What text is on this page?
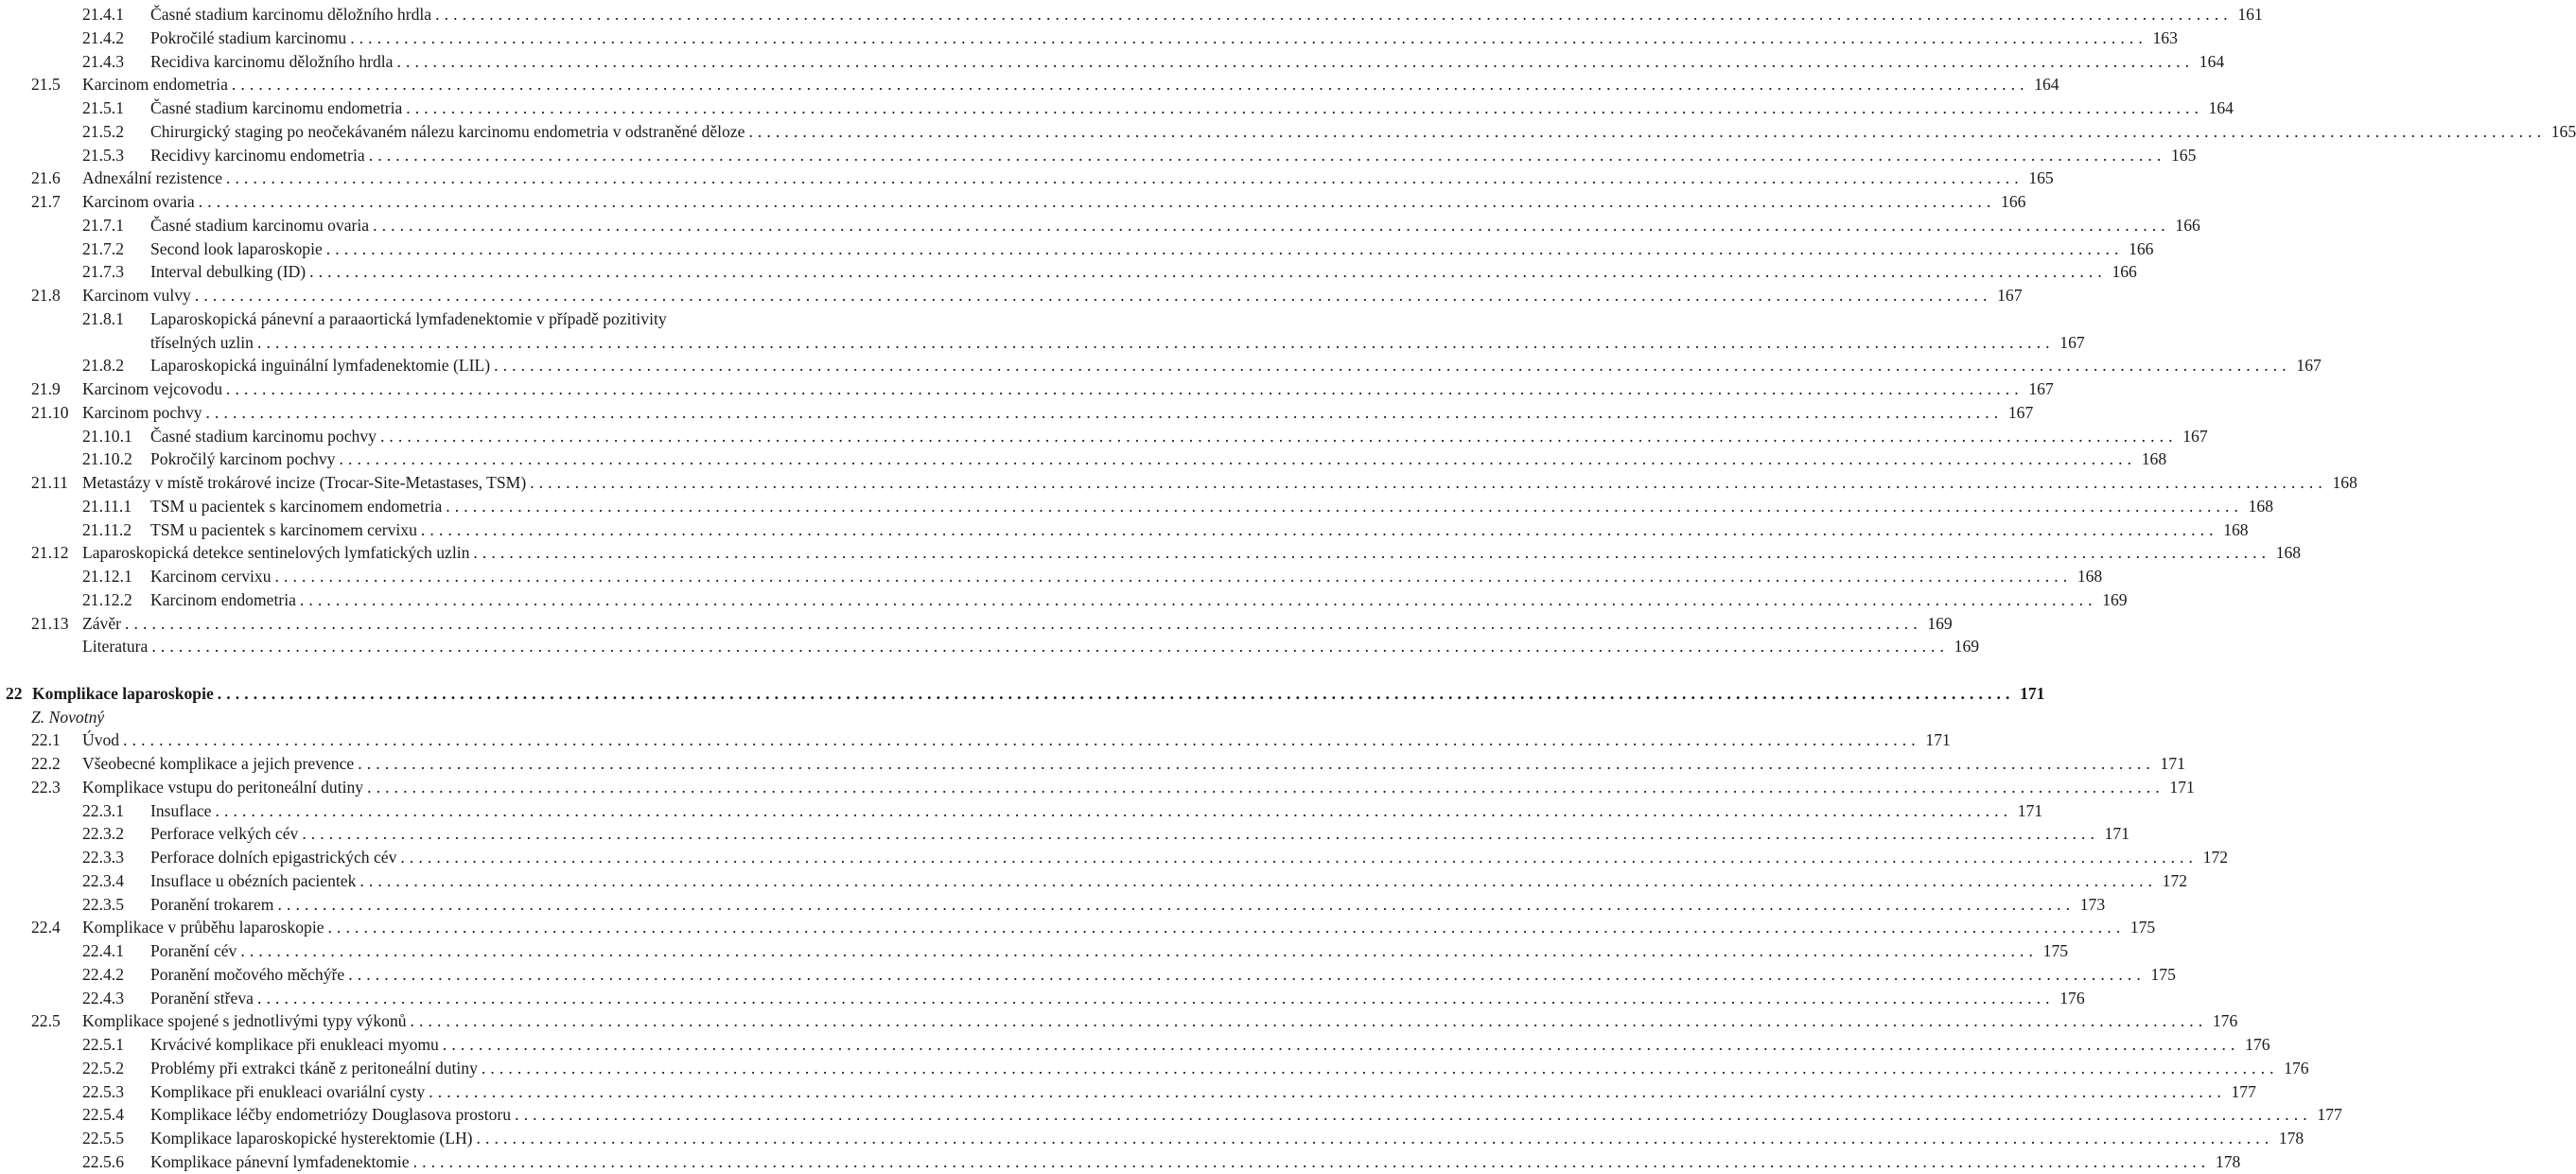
21.4.1	Časné stadium karcinomu děložního hrdla ........................................................................................................................................................................................................ 161
21.4.2	Pokročilé stadium karcinomu ........................................................................................................................................................................................................ 163
21.4.3	Recidiva karcinomu děložního hrdla ........................................................................................................................................................................................................ 164
21.5	Karcinom endometria ........................................................................................................................................................................................................ 164
21.5.1	Časné stadium karcinomu endometria ........................................................................................................................................................................................................ 164
21.5.2	Chirurgický staging po neočekávaném nálezu karcinomu endometria v odstraněné děloze ........................................................................................................................................................................................................ 165
21.5.3	Recidivy karcinomu endometria ........................................................................................................................................................................................................ 165
21.6	Adnexální rezistence ........................................................................................................................................................................................................ 165
21.7	Karcinom ovaria ........................................................................................................................................................................................................ 166
21.7.1	Časné stadium karcinomu ovaria ........................................................................................................................................................................................................ 166
21.7.2	Second look laparoskopie ........................................................................................................................................................................................................ 166
21.7.3	Interval debulking (ID) ........................................................................................................................................................................................................ 166
21.8	Karcinom vulvy ........................................................................................................................................................................................................ 167
21.8.1	Laparoskopická pánevní a paraaortická lymfadenektomie v případě pozitivity
tříselných uzlin ........................................................................................................................................................................................................ 167
21.8.2	Laparoskopická inguinální lymfadenektomie (LIL) ........................................................................................................................................................................................................ 167
21.9	Karcinom vejcovodu ........................................................................................................................................................................................................ 167
21.10 Karcinom pochvy ........................................................................................................................................................................................................ 167
21.10.1	Časné stadium karcinomu pochvy ........................................................................................................................................................................................................ 167
21.10.2	Pokročilý karcinom pochvy ........................................................................................................................................................................................................ 168
21.11 Metastázy v místě trokárové incize (Trocar-Site-Metastases, TSM) ........................................................................................................................................................................................................ 168
21.11.1	TSM u pacientek s karcinomem endometria ........................................................................................................................................................................................................ 168
21.11.2	TSM u pacientek s karcinomem cervixu ........................................................................................................................................................................................................ 168
21.12 Laparoskopická detekce sentinelových lymfatických uzlin ........................................................................................................................................................................................................ 168
21.12.1	Karcinom cervixu ........................................................................................................................................................................................................ 168
21.12.2	Karcinom endometria ........................................................................................................................................................................................................ 169
21.13 Závěr ........................................................................................................................................................................................................ 169
Literatura ........................................................................................................................................................................................................ 169
22 Komplikace laparoskopie ........................................................................................................................................................................................................ 171
Z. Novotný
22.1	Úvod ........................................................................................................................................................................................................ 171
22.2	Všeobecné komplikace a jejich prevence ........................................................................................................................................................................................................ 171
22.3	Komplikace vstupu do peritoneální dutiny ........................................................................................................................................................................................................ 171
22.3.1	Insuflace ........................................................................................................................................................................................................ 171
22.3.2	Perforace velkých cév ........................................................................................................................................................................................................ 171
22.3.3	Perforace dolních epigastrických cév ........................................................................................................................................................................................................ 172
22.3.4	Insuflace u obézních pacientek ........................................................................................................................................................................................................ 172
22.3.5	Poranění trokarem ........................................................................................................................................................................................................ 173
22.4	Komplikace v průběhu laparoskopie ........................................................................................................................................................................................................ 175
22.4.1	Poranění cév ........................................................................................................................................................................................................ 175
22.4.2	Poranění močového měchýře ........................................................................................................................................................................................................ 175
22.4.3	Poranění střeva ........................................................................................................................................................................................................ 176
22.5	Komplikace spojené s jednotlivými typy výkonů ........................................................................................................................................................................................................ 176
22.5.1	Krvácivé komplikace při enukleaci myomu ........................................................................................................................................................................................................ 176
22.5.2	Problémy při extrakci tkáně z peritoneální dutiny ........................................................................................................................................................................................................ 176
22.5.3	Komplikace při enukleaci ovariální cysty ........................................................................................................................................................................................................ 177
22.5.4	Komplikace léčby endometriózy Douglasova prostoru ........................................................................................................................................................................................................ 177
22.5.5	Komplikace laparoskopické hysterektomie (LH) ........................................................................................................................................................................................................ 178
22.5.6	Komplikace pánevní lymfadenektomie ........................................................................................................................................................................................................ 178
